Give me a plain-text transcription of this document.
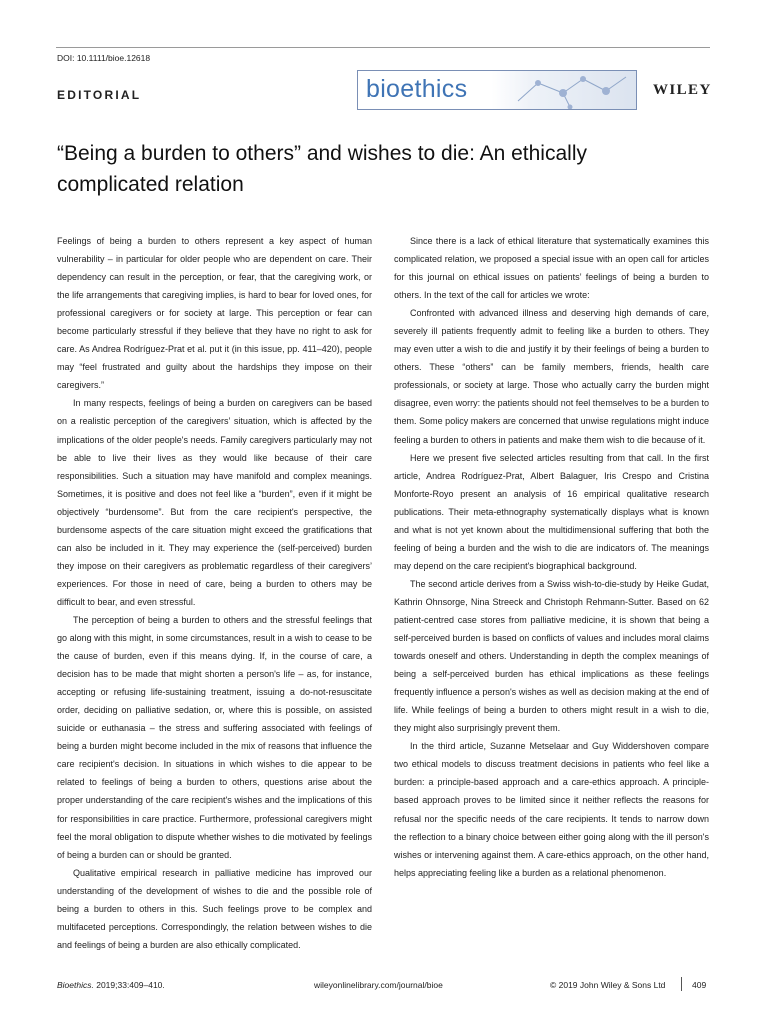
DOI: 10.1111/bioe.12618
EDITORIAL	bioethics	WILEY
“Being a burden to others” and wishes to die: An ethically complicated relation

Feelings of being a burden to others represent a key aspect of human vulnerability – in particular for older people who are dependent on care. Their dependency can result in the perception, or fear, that the caregiving work, or the life arrangements that caregiving implies, is hard to bear for loved ones, for professional caregivers or for society at large. This perception or fear can become particularly stressful if they believe that they have no right to ask for care. As Andrea Rodríguez-Prat et al. put it (in this issue, pp. 411–420), people may “feel frustrated and guilty about the hardships they impose on their caregivers.”

In many respects, feelings of being a burden on caregivers can be based on a realistic perception of the caregivers’ situation, which is affected by the implications of the older people's needs. Family caregivers particularly may not be able to live their lives as they would like because of their care responsibilities. Such a situation may have manifold and complex meanings. Sometimes, it is positive and does not feel like a “burden”, even if it might be objectively “burdensome”. But from the care recipient's perspective, the burdensome aspects of the care situation might exceed the gratifications that can also be included in it. They may experience the (self-perceived) burden they impose on their caregivers as problematic regardless of their caregivers’ experiences. For those in need of care, being a burden to others may be difficult to bear, and even stressful.

The perception of being a burden to others and the stressful feelings that go along with this might, in some circumstances, result in a wish to cease to be the cause of burden, even if this means dying. If, in the course of care, a decision has to be made that might shorten a person's life – as, for instance, accepting or refusing life-sustaining treatment, issuing a do-not-resuscitate order, deciding on palliative sedation, or, where this is possible, on assisted suicide or euthanasia – the stress and suffering associated with feelings of being a burden might become included in the mix of reasons that influence the care recipient's decision. In situations in which wishes to die appear to be related to feelings of being a burden to others, questions arise about the proper understanding of the care recipient's wishes and the implications of this for responsibilities in care practice. Furthermore, professional caregivers might feel the moral obligation to dispute whether wishes to die motivated by feelings of being a burden can or should be granted.

Qualitative empirical research in palliative medicine has improved our understanding of the development of wishes to die and the possible role of being a burden to others in this. Such feelings prove to be complex and multifaceted perceptions. Correspondingly, the relation between wishes to die and feelings of being a burden are also ethically complicated.

Since there is a lack of ethical literature that systematically examines this complicated relation, we proposed a special issue with an open call for articles for this journal on ethical issues on patients’ feelings of being a burden to others. In the text of the call for articles we wrote:

Confronted with advanced illness and deserving high demands of care, severely ill patients frequently admit to feeling like a burden to others. They may even utter a wish to die and justify it by their feelings of being a burden to others. These “others” can be family members, friends, health care professionals, or society at large. Those who actually carry the burden might disagree, even worry: the patients should not feel themselves to be a burden to them. Some policy makers are concerned that unwise regulations might induce feeling a burden to others in patients and make them wish to die because of it.

Here we present five selected articles resulting from that call. In the first article, Andrea Rodríguez-Prat, Albert Balaguer, Iris Crespo and Cristina Monforte-Royo present an analysis of 16 empirical qualitative research publications. Their meta-ethnography systematically displays what is known and what is not yet known about the multidimensional suffering that both the feeling of being a burden and the wish to die are indicators of. The meanings may depend on the care recipient's biographical background.

The second article derives from a Swiss wish-to-die-study by Heike Gudat, Kathrin Ohnsorge, Nina Streeck and Christoph Rehmann-Sutter. Based on 62 patient-centred case stores from palliative medicine, it is shown that being a self-perceived burden is based on conflicts of values and includes moral claims towards oneself and others. Understanding in depth the complex meanings of being a self-perceived burden has ethical implications as these feelings frequently influence a person's wishes as well as decision making at the end of life. While feelings of being a burden to others might result in a wish to die, they might also surprisingly prevent them.

In the third article, Suzanne Metselaar and Guy Widdershoven compare two ethical models to discuss treatment decisions in patients who feel like a burden: a principle-based approach and a care-ethics approach. A principle-based approach proves to be limited since it neither reflects the reasons for refusal nor the specific needs of the care recipients. It tends to narrow down the reflection to a binary choice between either going along with the ill person's wishes or intervening against them. A care-ethics approach, on the other hand, helps appreciating feeling like a burden as a relational phenomenon.

Bioethics. 2019;33:409–410.	wileyonlinelibrary.com/journal/bioe	© 2019 John Wiley & Sons Ltd	409
